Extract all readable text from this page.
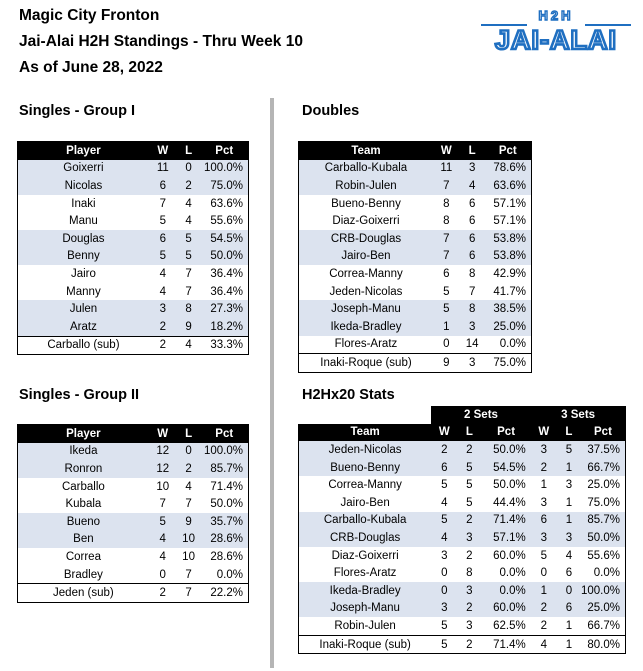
Magic City Fronton
Jai-Alai H2H Standings - Thru Week 10
As of June 28, 2022
H2H
JAI-ALAI
Singles - Group I
Player	W	L	Pct
Goixerri	11	0	100.0%
Nicolas	6	2	75.0%
Inaki	7	4	63.6%
Manu	5	4	55.6%
Douglas	6	5	54.5%
Benny	5	5	50.0%
Jairo	4	7	36.4%
Manny	4	7	36.4%
Julen	3	8	27.3%
Aratz	2	9	18.2%
Carballo (sub)	2	4	33.3%
Doubles
Team	W	L	Pct
Carballo-Kubala	11	3	78.6%
Robin-Julen	7	4	63.6%
Bueno-Benny	8	6	57.1%
Diaz-Goixerri	8	6	57.1%
CRB-Douglas	7	6	53.8%
Jairo-Ben	7	6	53.8%
Correa-Manny	6	8	42.9%
Jeden-Nicolas	5	7	41.7%
Joseph-Manu	5	8	38.5%
Ikeda-Bradley	1	3	25.0%
Flores-Aratz	0	14	0.0%
Inaki-Roque (sub)	9	3	75.0%
Singles - Group II
Player	W	L	Pct
Ikeda	12	0	100.0%
Ronron	12	2	85.7%
Carballo	10	4	71.4%
Kubala	7	7	50.0%
Bueno	5	9	35.7%
Ben	4	10	28.6%
Correa	4	10	28.6%
Bradley	0	7	0.0%
Jeden (sub)	2	7	22.2%
H2Hx20 Stats
	2 Sets			3 Sets		
Team	W	L	Pct	W	L	Pct
Jeden-Nicolas	2	2	50.0%	3	5	37.5%
Bueno-Benny	6	5	54.5%	2	1	66.7%
Correa-Manny	5	5	50.0%	1	3	25.0%
Jairo-Ben	4	5	44.4%	3	1	75.0%
Carballo-Kubala	5	2	71.4%	6	1	85.7%
CRB-Douglas	4	3	57.1%	3	3	50.0%
Diaz-Goixerri	3	2	60.0%	5	4	55.6%
Flores-Aratz	0	8	0.0%	0	6	0.0%
Ikeda-Bradley	0	3	0.0%	1	0	100.0%
Joseph-Manu	3	2	60.0%	2	6	25.0%
Robin-Julen	5	3	62.5%	2	1	66.7%
Inaki-Roque (sub)	5	2	71.4%	4	1	80.0%
